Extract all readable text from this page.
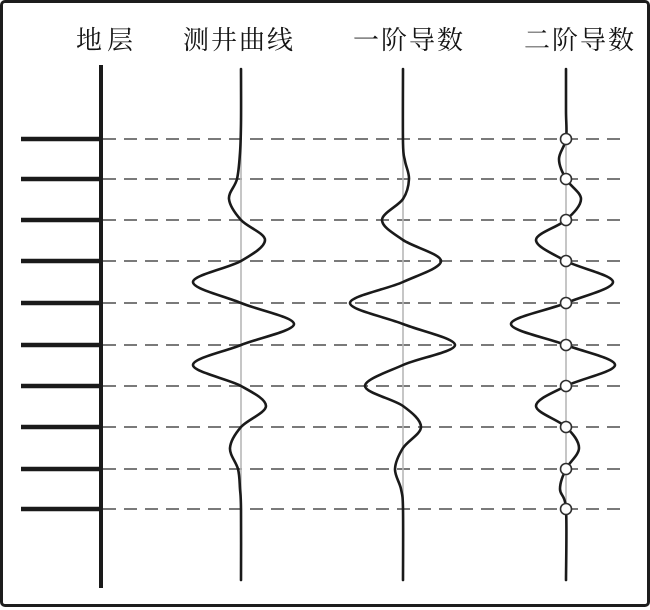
地层 测井曲线 一阶导数 二阶导数
